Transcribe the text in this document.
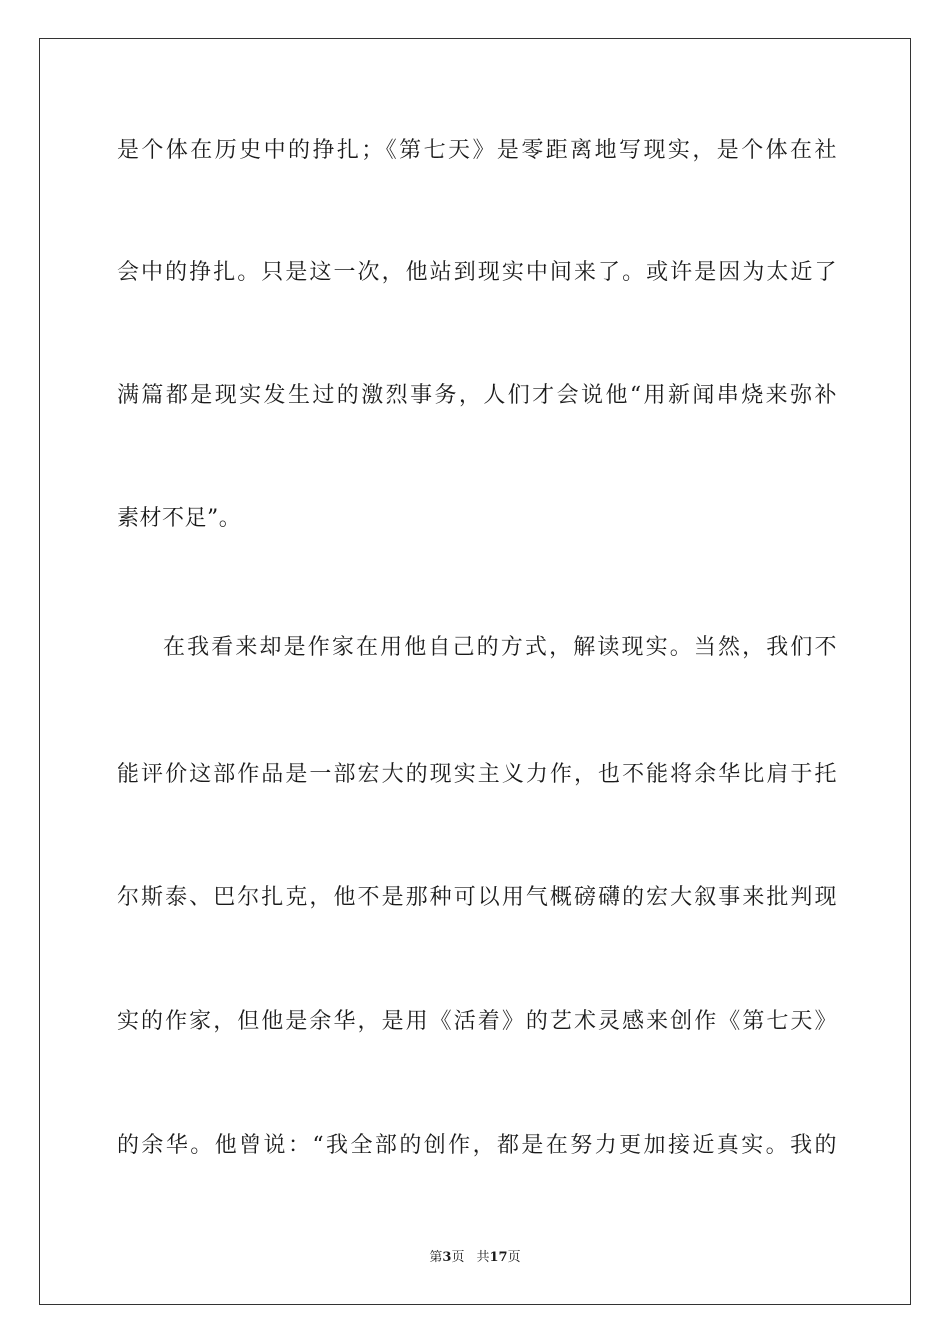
是个体在历史中的挣扎；《第七天》是零距离地写现实，是个体在社
会中的挣扎。只是这一次，他站到现实中间来了。或许是因为太近了
满篇都是现实发生过的激烈事务，人们才会说他“用新闻串烧来弥补
素材不足”。
在我看来却是作家在用他自己的方式，解读现实。当然，我们不
能评价这部作品是一部宏大的现实主义力作，也不能将余华比肩于托
尔斯泰、巴尔扎克，他不是那种可以用气概磅礴的宏大叙事来批判现
实的作家，但他是余华，是用《活着》的艺术灵感来创作《第七天》
的余华。他曾说：“我全部的创作，都是在努力更加接近真实。我的
第3页 共17页
